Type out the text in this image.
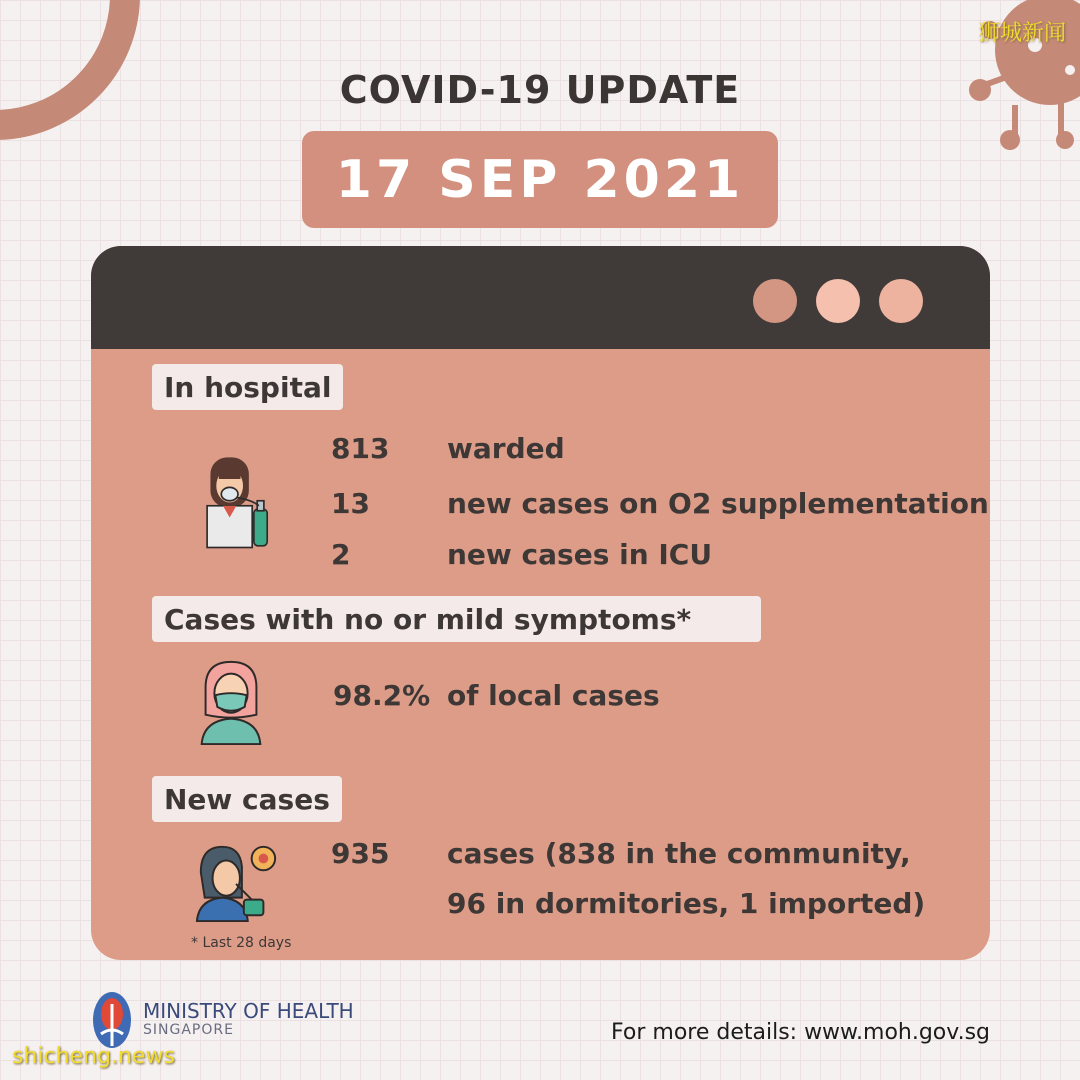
狮城新闻
COVID-19 UPDATE
17 SEP 2021
In hospital
813 warded
13	new cases on O2 supplementation
2	new cases in ICU
Cases with no or mild symptoms*
98.2% of local cases
New cases
935 cases (838 in the community,
96 in dormitories, 1 imported)
* Last 28 days
MINISTRY OF HEALTH
SINGAPORE	For more details: www.moh.gov.sg
shicheng.news
